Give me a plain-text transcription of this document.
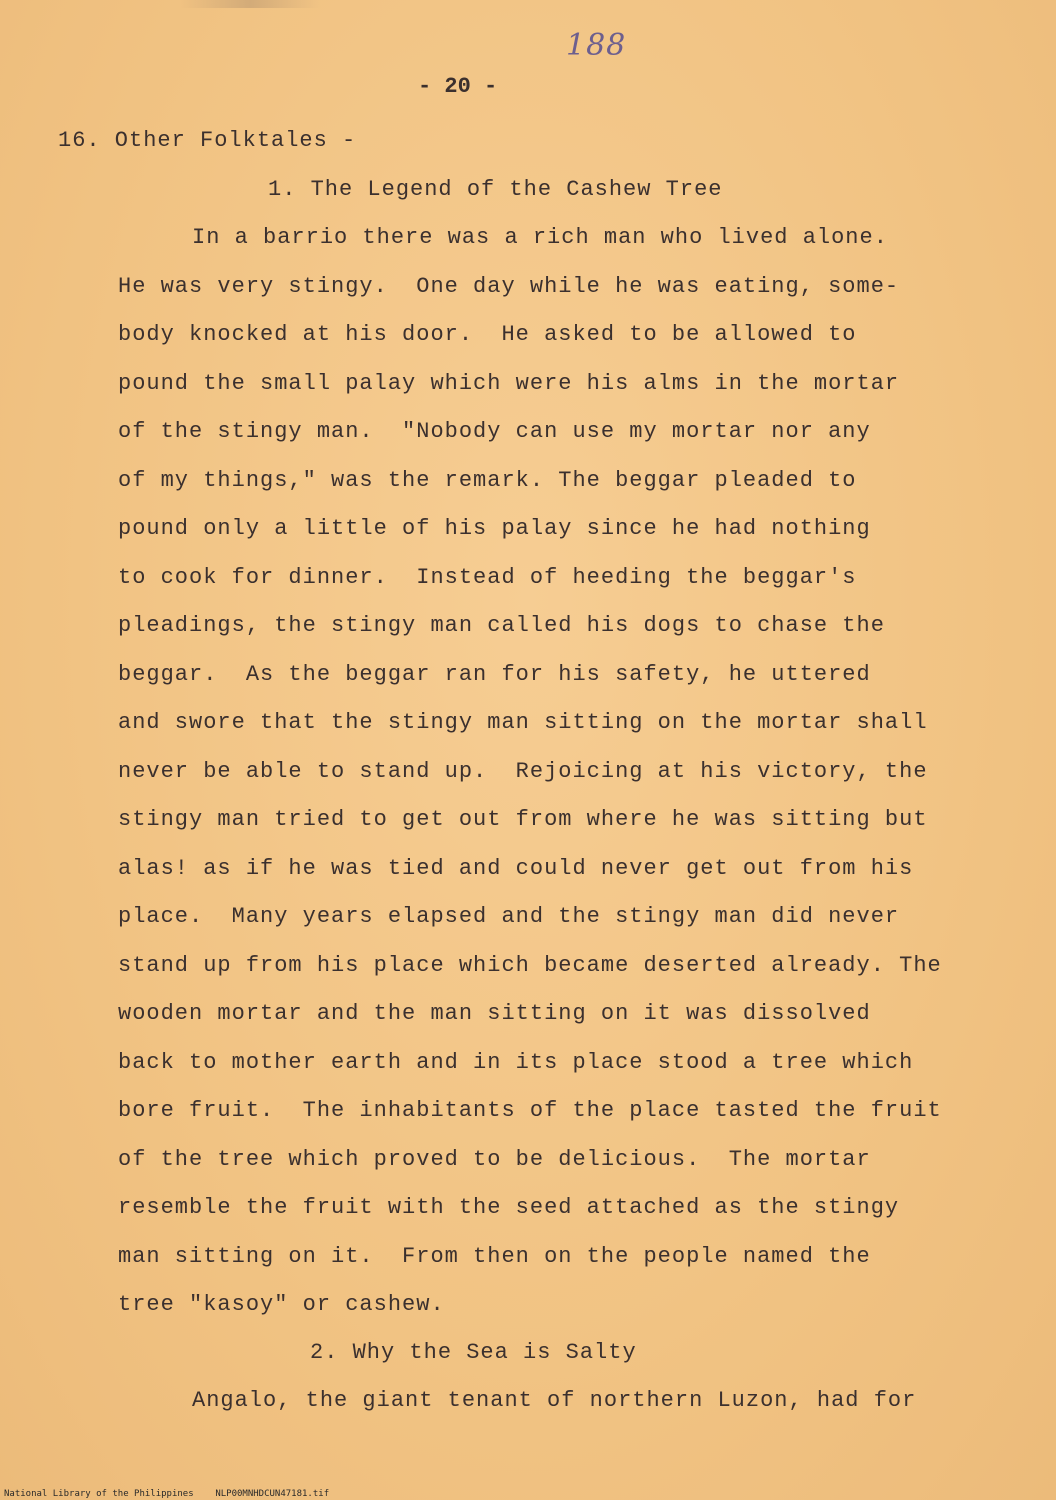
188
- 20 -
16. Other Folktales -
1. The Legend of the Cashew Tree
In a barrio there was a rich man who lived alone.
He was very stingy.  One day while he was eating, some-
body knocked at his door.  He asked to be allowed to
pound the small palay which were his alms in the mortar
of the stingy man.  "Nobody can use my mortar nor any
of my things," was the remark. The beggar pleaded to
pound only a little of his palay since he had nothing
to cook for dinner.  Instead of heeding the beggar's
pleadings, the stingy man called his dogs to chase the
beggar.  As the beggar ran for his safety, he uttered
and swore that the stingy man sitting on the mortar shall
never be able to stand up.  Rejoicing at his victory, the
stingy man tried to get out from where he was sitting but
alas! as if he was tied and could never get out from his
place.  Many years elapsed and the stingy man did never
stand up from his place which became deserted already. The
wooden mortar and the man sitting on it was dissolved
back to mother earth and in its place stood a tree which
bore fruit.  The inhabitants of the place tasted the fruit
of the tree which proved to be delicious.  The mortar
resemble the fruit with the seed attached as the stingy
man sitting on it.  From then on the people named the
tree "kasoy" or cashew.
2. Why the Sea is Salty
Angalo, the giant tenant of northern Luzon, had for
National Library of the Philippines    NLP00MNHDCUN47181.tif
